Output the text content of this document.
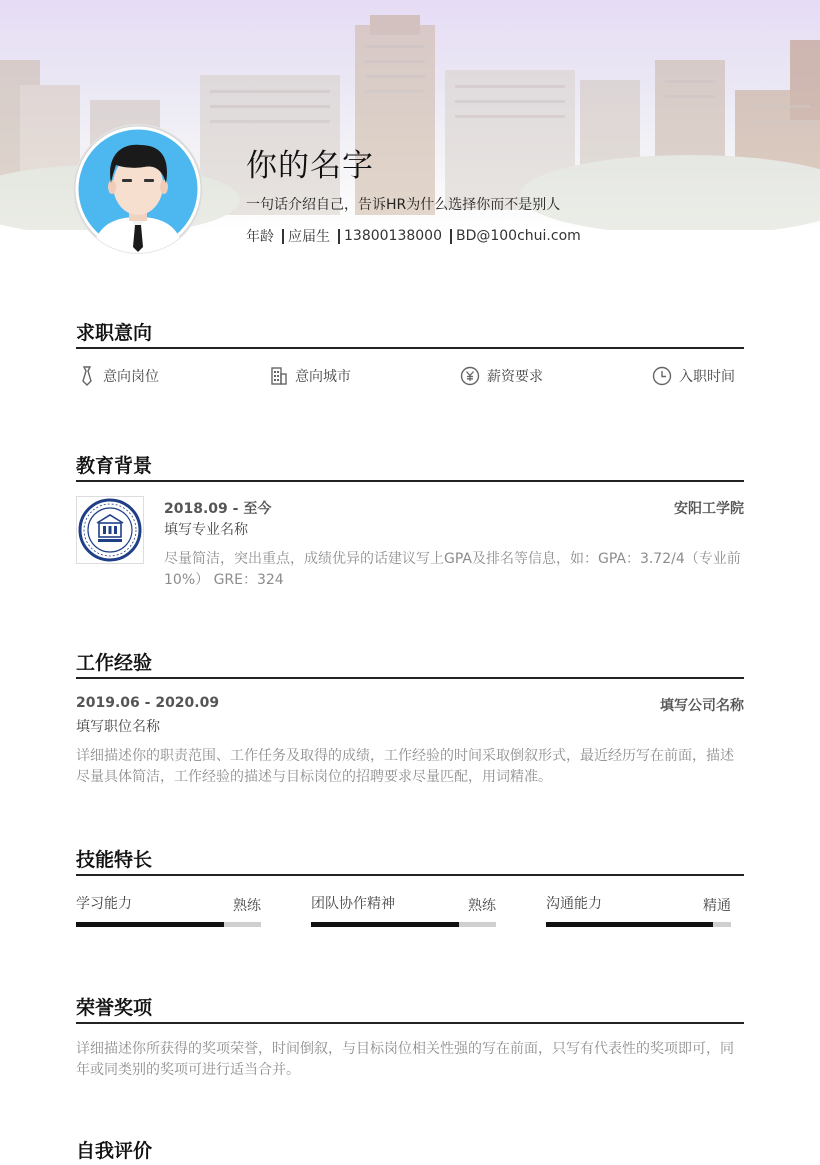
你的名字
一句话介绍自己，告诉HR为什么选择你而不是别人
年龄 应届生 13800138000 BD@100chui.com
求职意向
意向岗位	意向城市	薪资要求	入职时间
教育背景
2018.09 - 至今	安阳工学院
填写专业名称
尽量简洁，突出重点，成绩优异的话建议写上GPA及排名等信息，如：GPA：3.72/4（专业前10%） GRE：324
工作经验
2019.06 - 2020.09	填写公司名称
填写职位名称
详细描述你的职责范围、工作任务及取得的成绩，工作经验的时间采取倒叙形式，最近经历写在前面，描述尽量具体简洁，工作经验的描述与目标岗位的招聘要求尽量匹配，用词精准。
技能特长
学习能力	熟练	团队协作精神	熟练	沟通能力	精通
荣誉奖项
详细描述你所获得的奖项荣誉，时间倒叙，与目标岗位相关性强的写在前面，只写有代表性的奖项即可，同年或同类别的奖项可进行适当合并。
自我评价
